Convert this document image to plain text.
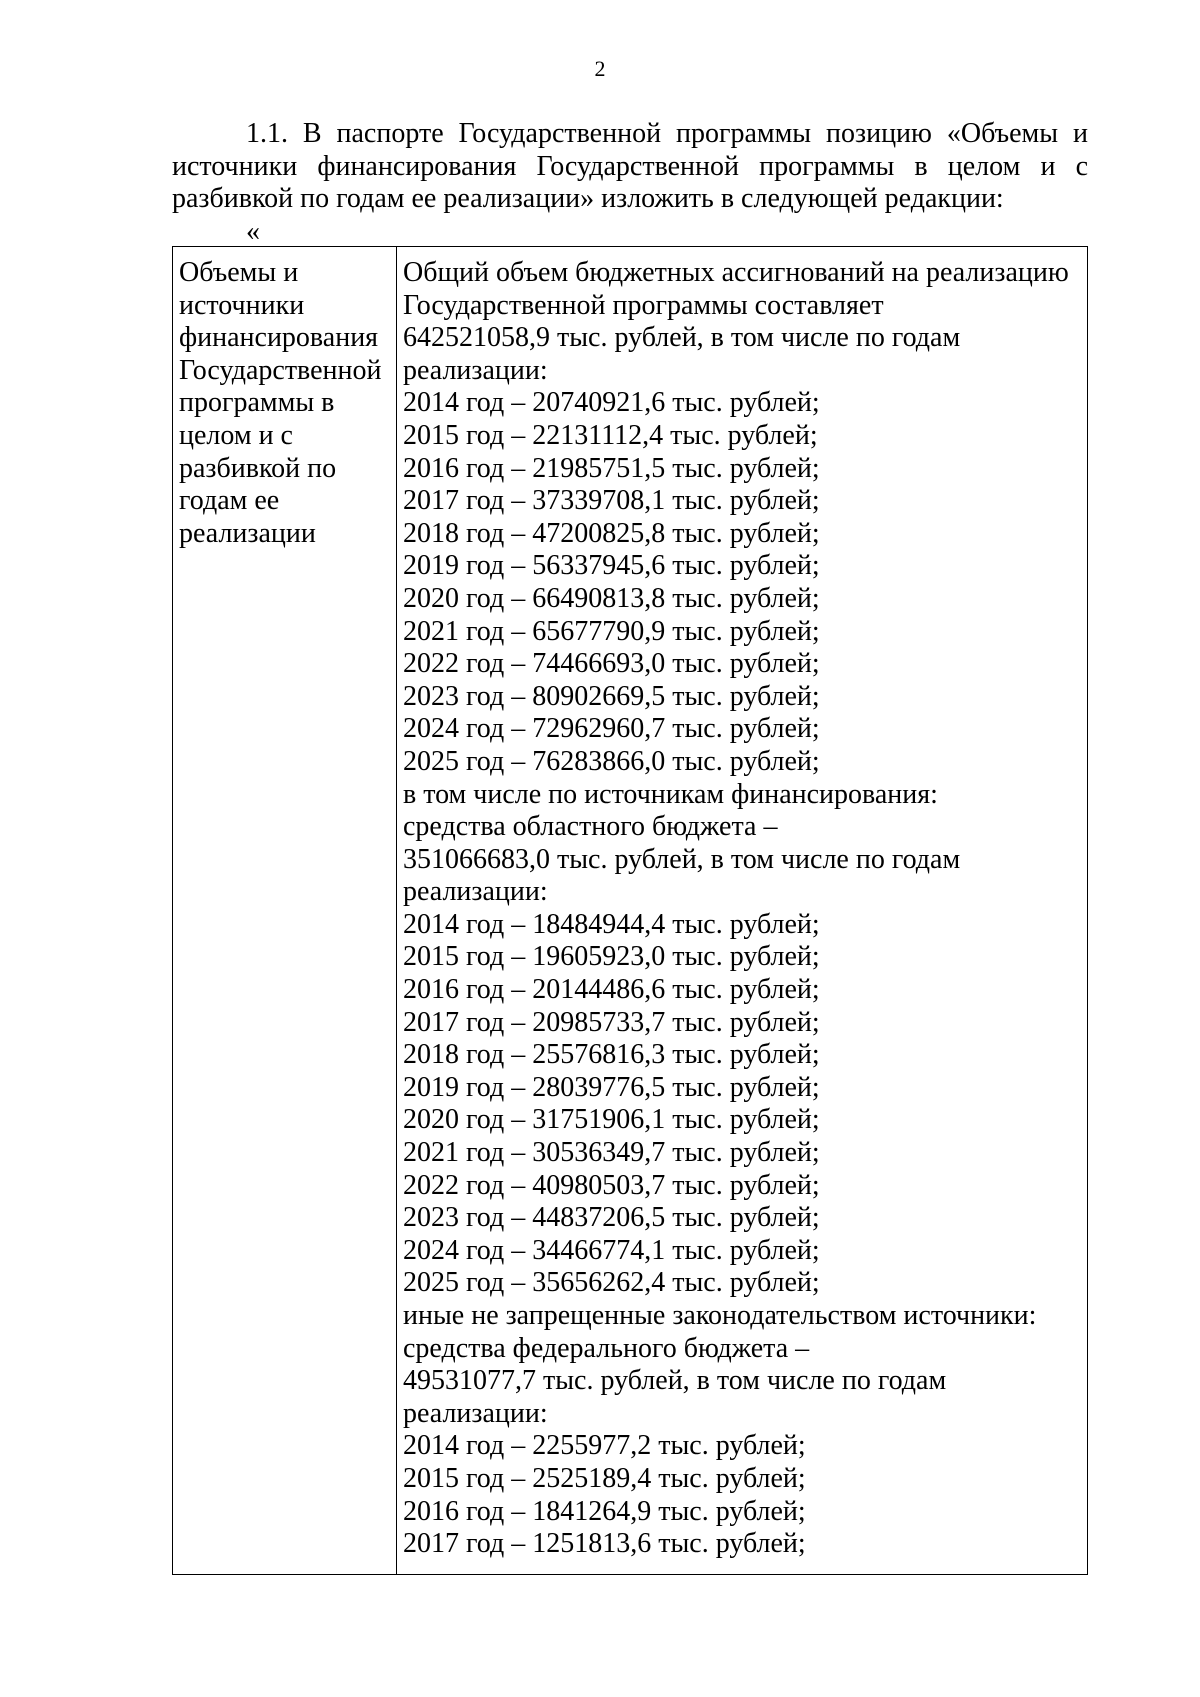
2
1.1. В паспорте Государственной программы позицию «Объемы и источники финансирования Государственной программы в целом и с разбивкой по годам ее реализации» изложить в следующей редакции:
«
Объемы и
источники
финансирования
Государственной
программы в
целом и с
разбивкой по
годам ее
реализации
Общий объем бюджетных ассигнований на реализацию
Государственной программы составляет
642521058,9 тыс. рублей, в том числе по годам
реализации:
2014 год – 20740921,6 тыс. рублей;
2015 год – 22131112,4 тыс. рублей;
2016 год – 21985751,5 тыс. рублей;
2017 год – 37339708,1 тыс. рублей;
2018 год – 47200825,8 тыс. рублей;
2019 год – 56337945,6 тыс. рублей;
2020 год – 66490813,8 тыс. рублей;
2021 год – 65677790,9 тыс. рублей;
2022 год – 74466693,0 тыс. рублей;
2023 год – 80902669,5 тыс. рублей;
2024 год – 72962960,7 тыс. рублей;
2025 год – 76283866,0 тыс. рублей;
в том числе по источникам финансирования:
средства областного бюджета –
351066683,0 тыс. рублей, в том числе по годам
реализации:
2014 год – 18484944,4 тыс. рублей;
2015 год – 19605923,0 тыс. рублей;
2016 год – 20144486,6 тыс. рублей;
2017 год – 20985733,7 тыс. рублей;
2018 год – 25576816,3 тыс. рублей;
2019 год – 28039776,5 тыс. рублей;
2020 год – 31751906,1 тыс. рублей;
2021 год – 30536349,7 тыс. рублей;
2022 год – 40980503,7 тыс. рублей;
2023 год – 44837206,5 тыс. рублей;
2024 год – 34466774,1 тыс. рублей;
2025 год – 35656262,4 тыс. рублей;
иные не запрещенные законодательством источники:
средства федерального бюджета –
49531077,7 тыс. рублей, в том числе по годам
реализации:
2014 год – 2255977,2 тыс. рублей;
2015 год – 2525189,4 тыс. рублей;
2016 год – 1841264,9 тыс. рублей;
2017 год – 1251813,6 тыс. рублей;
